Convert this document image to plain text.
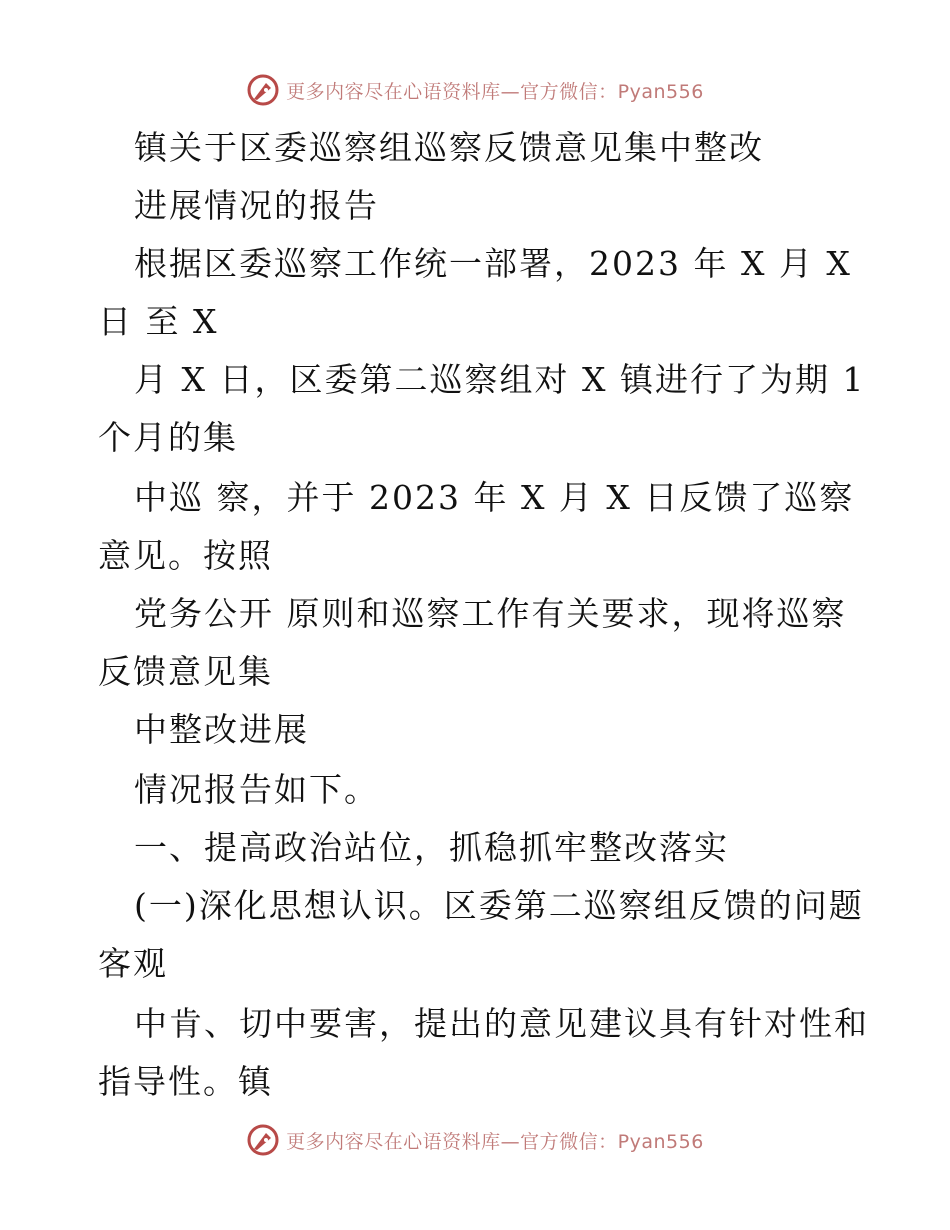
更多内容尽在心语资料库—官方微信：Pyan556
镇关于区委巡察组巡察反馈意见集中整改
进展情况的报告
根据区委巡察工作统一部署，2023 年 X 月 X
日 至 X
月 X 日，区委第二巡察组对 X 镇进行了为期 1
个月的集
中巡 察，并于 2023 年 X 月 X 日反馈了巡察
意见。按照
党务公开 原则和巡察工作有关要求，现将巡察
反馈意见集
中整改进展
情况报告如下。
一、提高政治站位，抓稳抓牢整改落实
(一)深化思想认识。区委第二巡察组反馈的问题
客观
中肯、切中要害，提出的意见建议具有针对性和
指导性。镇
更多内容尽在心语资料库—官方微信：Pyan556
